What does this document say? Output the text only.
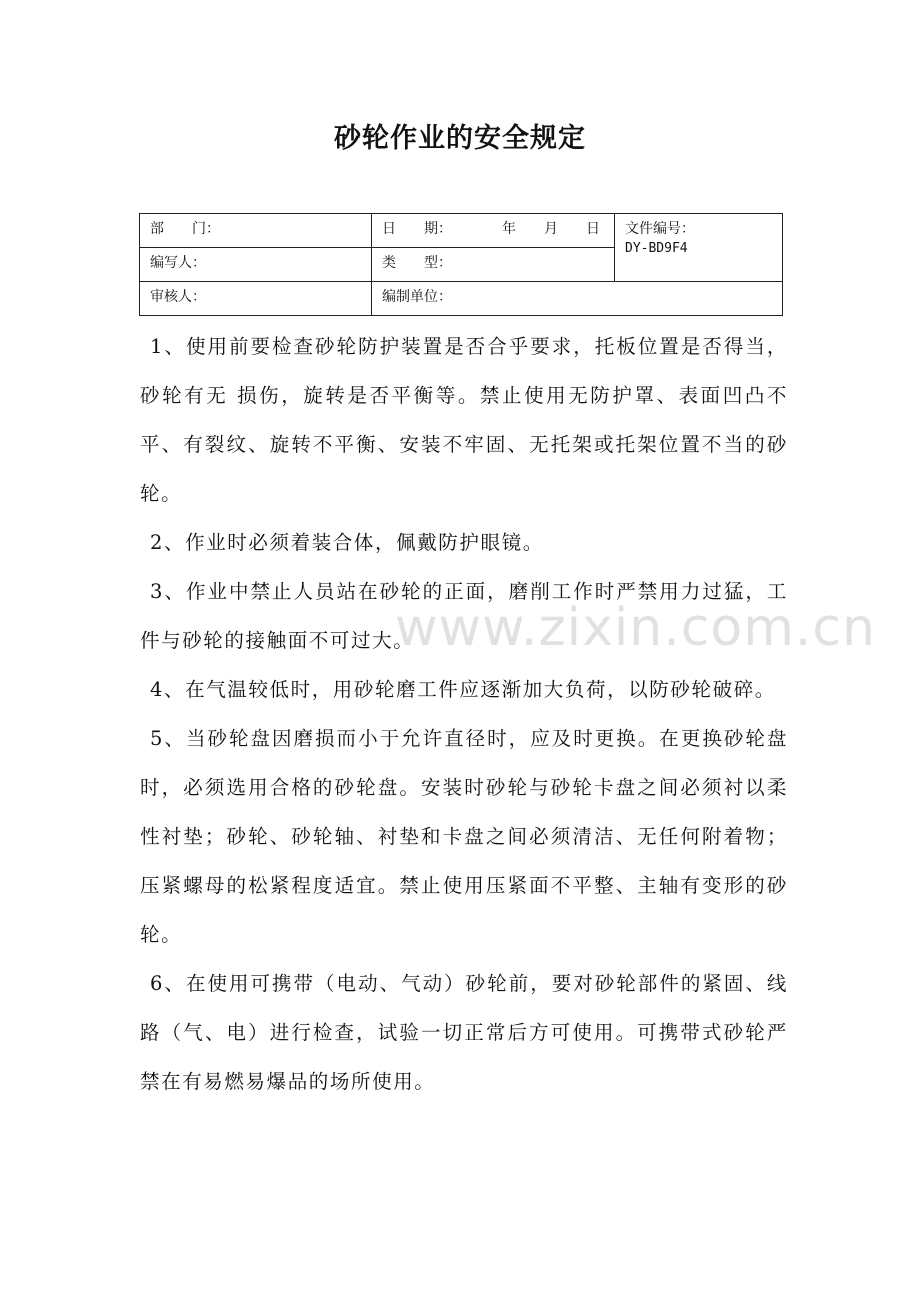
砂轮作业的安全规定
部　　门：	日　　期： 年 月 日	文件编号：
DY-BD9F4

编写人：	类　　型：	
审核人：	编制单位：	

1、使用前要检查砂轮防护装置是否合乎要求，托板位置是否得当，砂轮有无 损伤，旋转是否平衡等。禁止使用无防护罩、表面凹凸不平、有裂纹、旋转不平衡、安装不牢固、无托架或托架位置不当的砂轮。

2、作业时必须着装合体，佩戴防护眼镜。

3、作业中禁止人员站在砂轮的正面，磨削工作时严禁用力过猛，工件与砂轮的接触面不可过大。

4、在气温较低时，用砂轮磨工件应逐渐加大负荷，以防砂轮破碎。

5、当砂轮盘因磨损而小于允许直径时，应及时更换。在更换砂轮盘时，必须选用合格的砂轮盘。安装时砂轮与砂轮卡盘之间必须衬以柔性衬垫；砂轮、砂轮轴、衬垫和卡盘之间必须清洁、无任何附着物；压紧螺母的松紧程度适宜。禁止使用压紧面不平整、主轴有变形的砂轮。

6、在使用可携带（电动、气动）砂轮前，要对砂轮部件的紧固、线路（气、电）进行检查，试验一切正常后方可使用。可携带式砂轮严禁在有易燃易爆品的场所使用。

www.zixin.com.cn
